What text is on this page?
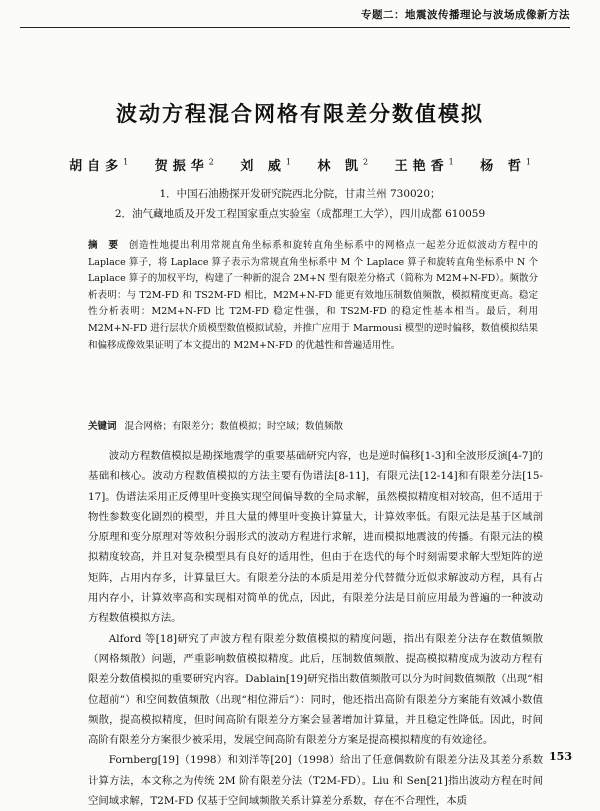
专题二：地震波传播理论与波场成像新方法
波动方程混合网格有限差分数值模拟
胡自多$^1$ 贺振华$^2$ 刘 威$^1$ 林 凯$^2$ 王艳香$^1$ 杨 哲$^1$
1．中国石油勘探开发研究院西北分院，甘肃兰州 730020；
2．油气藏地质及开发工程国家重点实验室（成都理工大学），四川成都 610059
摘　要 创造性地提出利用常规直角坐标系和旋转直角坐标系中的网格点一起差分近似波动方程中的 Laplace 算子，将 Laplace 算子表示为常规直角坐标系中 M 个 Laplace 算子和旋转直角坐标系中 N 个 Laplace 算子的加权平均，构建了一种新的混合 2M+N 型有限差分格式（简称为 M2M+N-FD）。频散分析表明：与 T2M-FD 和 TS2M-FD 相比，M2M+N-FD 能更有效地压制数值频散，模拟精度更高。稳定性分析表明：M2M+N-FD 比 T2M-FD 稳定性强，和 TS2M-FD 的稳定性基本相当。最后，利用 M2M+N-FD 进行层状介质模型数值模拟试验，并推广应用于 Marmousi 模型的逆时偏移，数值模拟结果和偏移成像效果证明了本文提出的 M2M+N-FD 的优越性和普遍适用性。
关键词 混合网格；有限差分；数值模拟；时空域；数值频散

波动方程数值模拟是勘探地震学的重要基础研究内容，也是逆时偏移[1-3]和全波形反演[4-7]的基础和核心。波动方程数值模拟的方法主要有伪谱法[8-11]，有限元法[12-14]和有限差分法[15-17]。伪谱法采用正反傅里叶变换实现空间偏导数的全局求解，虽然模拟精度相对较高，但不适用于物性参数变化剧烈的模型，并且大量的傅里叶变换计算量大，计算效率低。有限元法是基于区域剖分原理和变分原理对等效积分弱形式的波动方程进行求解，进而模拟地震波的传播。有限元法的模拟精度较高，并且对复杂模型具有良好的适用性，但由于在迭代的每个时刻需要求解大型矩阵的逆矩阵，占用内存多，计算量巨大。有限差分法的本质是用差分代替微分近似求解波动方程，具有占用内存小，计算效率高和实现相对简单的优点，因此，有限差分法是目前应用最为普遍的一种波动方程数值模拟方法。

Alford 等[18]研究了声波方程有限差分数值模拟的精度问题，指出有限差分法存在数值频散（网格频散）问题，严重影响数值模拟精度。此后，压制数值频散、提高模拟精度成为波动方程有限差分数值模拟的重要研究内容。Dablain[19]研究指出数值频散可以分为时间数值频散（出现“相位超前”）和空间数值频散（出现“相位滞后”）：同时，他还指出高阶有限差分方案能有效减小数值频散，提高模拟精度，但时间高阶有限差分方案会显著增加计算量，并且稳定性降低。因此，时间高阶有限差分方案很少被采用，发展空间高阶有限差分方案是提高模拟精度的有效途径。

Fornberg[19]（1998）和刘洋等[20]（1998）给出了任意偶数阶有限差分法及其差分系数计算方法，本文称之为传统 2M 阶有限差分法（T2M-FD）。Liu 和 Sen[21]指出波动方程在时间空间域求解，T2M-FD 仅基于空间域频散关系计算差分系数，存在不合理性，本质

153
